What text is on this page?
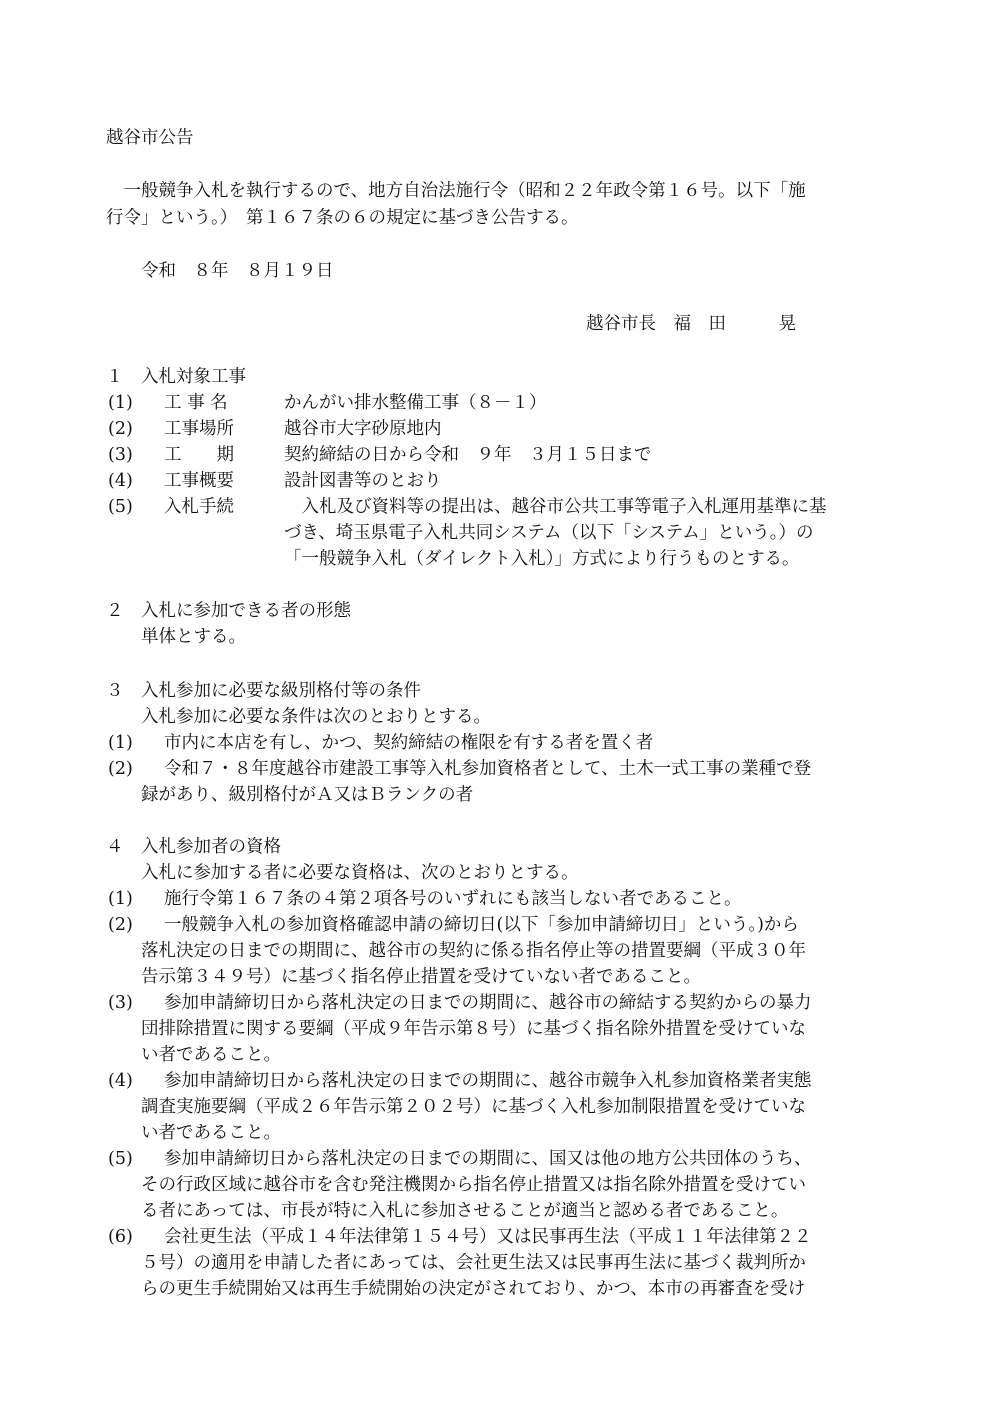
越谷市公告
　一般競争入札を執行するので、地方自治法施行令（昭和２２年政令第１６号。以下「施
行令」という。）　第１６７条の６の規定に基づき公告する。
令和　８年　８月１９日
越谷市長　福　田　　　晃
１　入札対象工事
(1) 工 事 名	かんがい排水整備工事（８－１）
(2) 工事場所	越谷市大字砂原地内
(3) 工　　期	契約締結の日から令和　９年　３月１５日まで
(4) 工事概要	設計図書等のとおり
(5) 入札手続	　入札及び資料等の提出は、越谷市公共工事等電子入札運用基準に基
づき、埼玉県電子入札共同システム（以下「システム」という。）の
「一般競争入札（ダイレクト入札）」方式により行うものとする。
２　入札に参加できる者の形態
単体とする。
３　入札参加に必要な級別格付等の条件
入札参加に必要な条件は次のとおりとする。
(1) 市内に本店を有し、かつ、契約締結の権限を有する者を置く者
(2) 令和７・８年度越谷市建設工事等入札参加資格者として、土木一式工事の業種で登
録があり、級別格付がＡ又はＢランクの者
４　入札参加者の資格
入札に参加する者に必要な資格は、次のとおりとする。
(1) 施行令第１６７条の４第２項各号のいずれにも該当しない者であること。
(2) 一般競争入札の参加資格確認申請の締切日(以下「参加申請締切日」という。)から
落札決定の日までの期間に、越谷市の契約に係る指名停止等の措置要綱（平成３０年
告示第３４９号）に基づく指名停止措置を受けていない者であること。
(3) 参加申請締切日から落札決定の日までの期間に、越谷市の締結する契約からの暴力
団排除措置に関する要綱（平成９年告示第８号）に基づく指名除外措置を受けていな
い者であること。
(4) 参加申請締切日から落札決定の日までの期間に、越谷市競争入札参加資格業者実態
調査実施要綱（平成２６年告示第２０２号）に基づく入札参加制限措置を受けていな
い者であること。
(5) 参加申請締切日から落札決定の日までの期間に、国又は他の地方公共団体のうち、
その行政区域に越谷市を含む発注機関から指名停止措置又は指名除外措置を受けてい
る者にあっては、市長が特に入札に参加させることが適当と認める者であること。
(6) 会社更生法（平成１４年法律第１５４号）又は民事再生法（平成１１年法律第２２
５号）の適用を申請した者にあっては、会社更生法又は民事再生法に基づく裁判所か
らの更生手続開始又は再生手続開始の決定がされており、かつ、本市の再審査を受け
